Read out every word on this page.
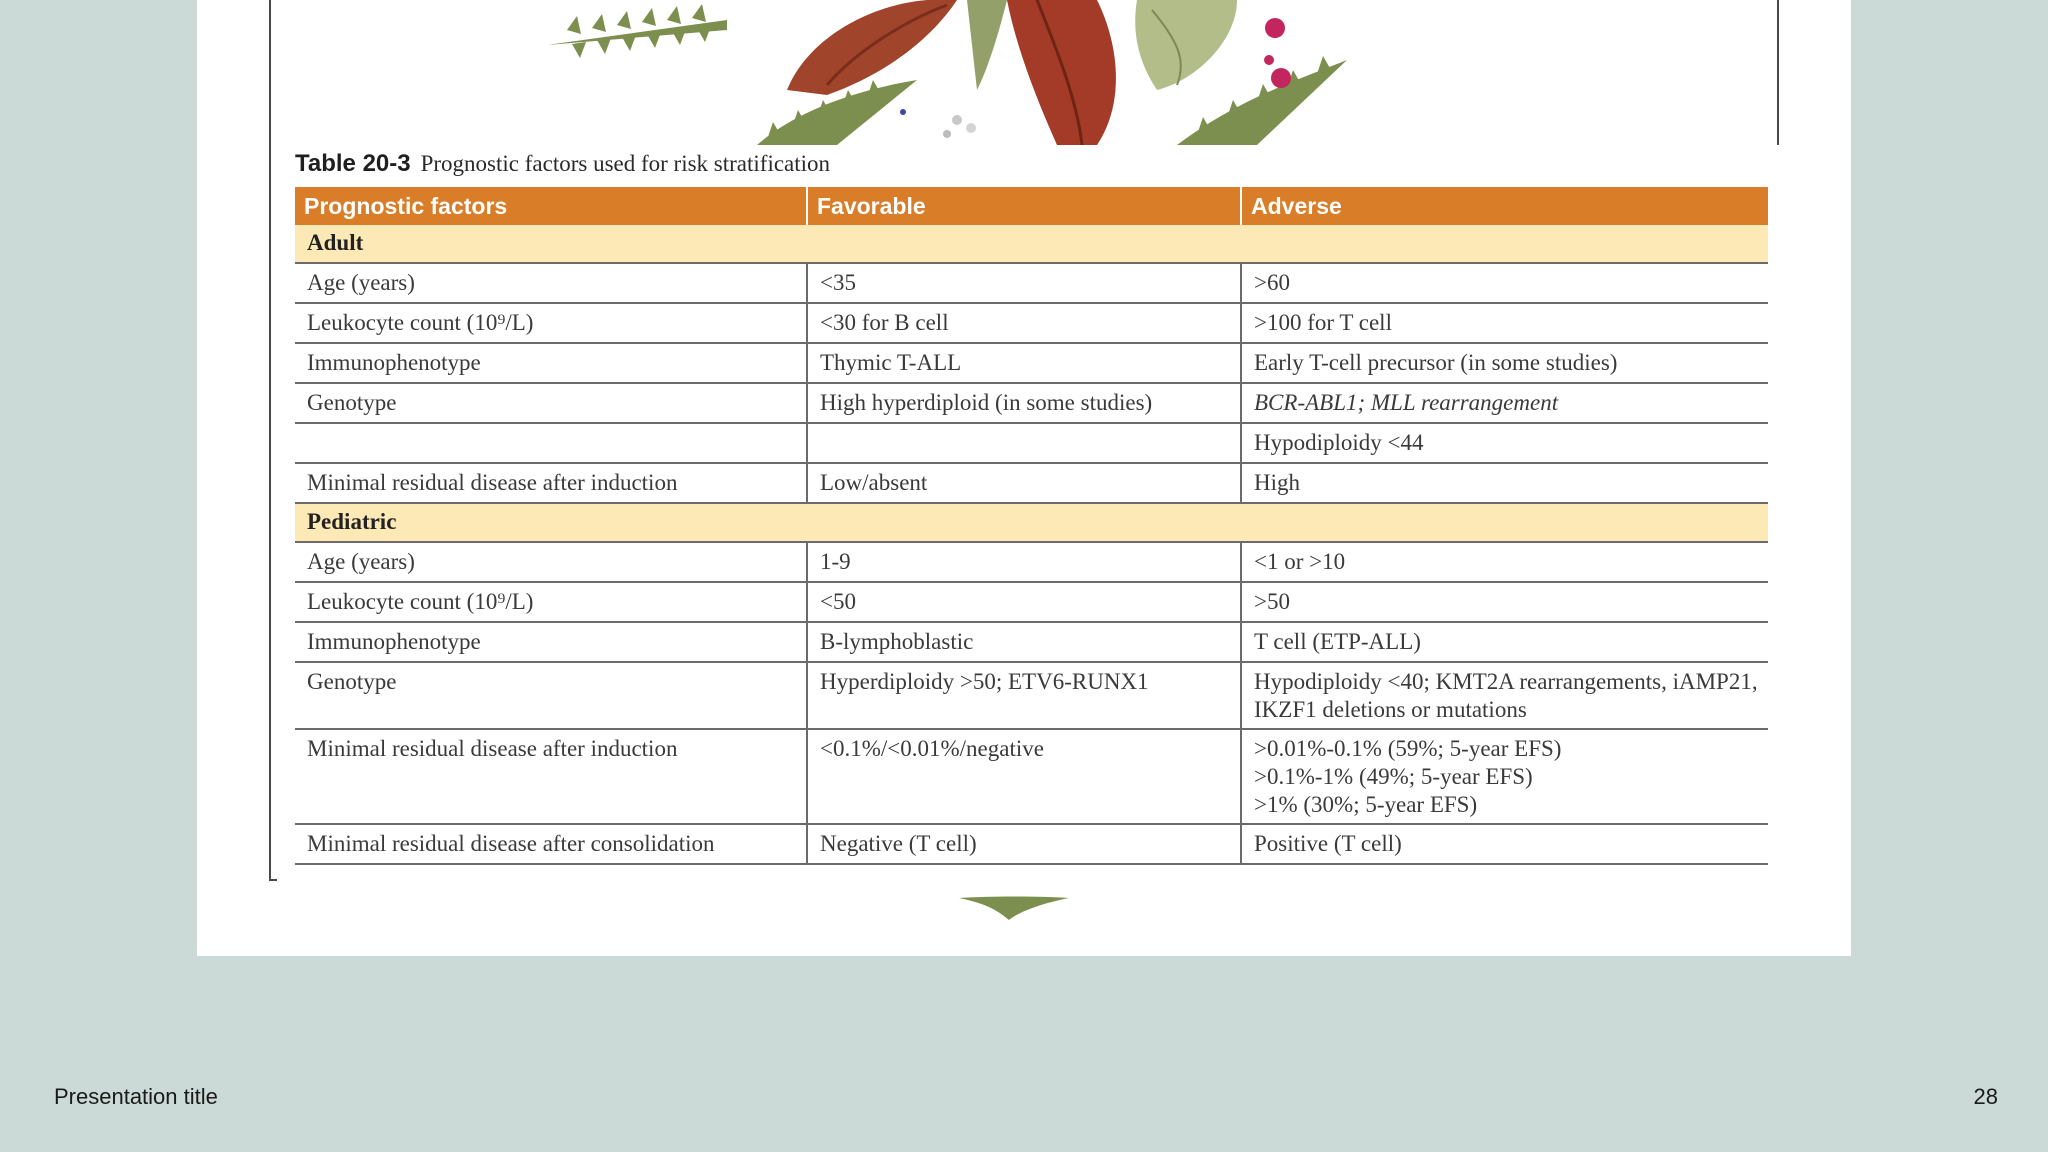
Table 20-3 Prognostic factors used for risk stratification
Prognostic factors	Favorable	Adverse
Adult		
Age (years)	<35	>60
Leukocyte count (10⁹/L)	<30 for B cell	>100 for T cell
Immunophenotype	Thymic T-ALL	Early T-cell precursor (in some studies)
Genotype	High hyperdiploid (in some studies)	BCR-ABL1; MLL rearrangement
		Hypodiploidy <44
Minimal residual disease after induction	Low/absent	High
Pediatric		
Age (years)	1-9	<1 or >10
Leukocyte count (10⁹/L)	<50	>50
Immunophenotype	B-lymphoblastic	T cell (ETP-ALL)
Genotype	Hyperdiploidy >50; ETV6-RUNX1	Hypodiploidy <40; KMT2A rearrangements, iAMP21, IKZF1 deletions or mutations
Minimal residual disease after induction	<0.1%/<0.01%/negative	>0.01%-0.1% (59%; 5-year EFS)
>0.1%-1% (49%; 5-year EFS)
>1% (30%; 5-year EFS)
Minimal residual disease after consolidation	Negative (T cell)	Positive (T cell)
Presentation title	28
